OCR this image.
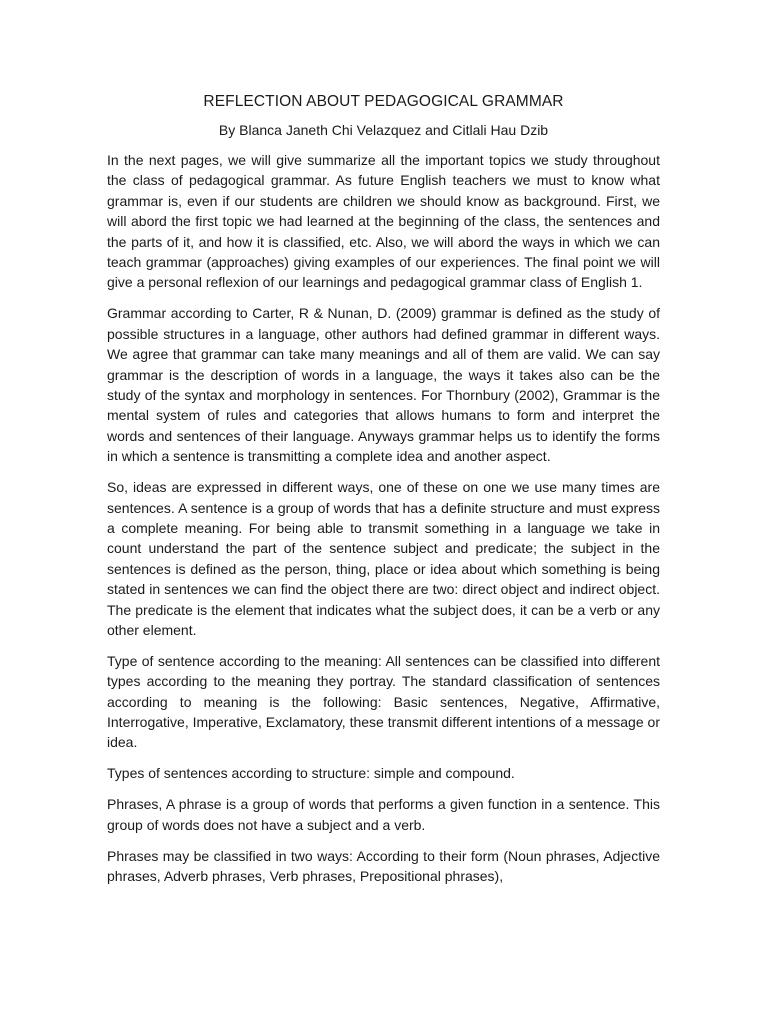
REFLECTION ABOUT PEDAGOGICAL GRAMMAR

By Blanca Janeth Chi Velazquez and Citlali Hau Dzib

In the next pages, we will give summarize all the important topics we study throughout the class of pedagogical grammar. As future English teachers we must to know what grammar is, even if our students are children we should know as background. First, we will abord the first topic we had learned at the beginning of the class, the sentences and the parts of it, and how it is classified, etc. Also, we will abord the ways in which we can teach grammar (approaches) giving examples of our experiences. The final point we will give a personal reflexion of our learnings and pedagogical grammar class of English 1.

Grammar according to Carter, R & Nunan, D. (2009) grammar is defined as the study of possible structures in a language, other authors had defined grammar in different ways. We agree that grammar can take many meanings and all of them are valid. We can say grammar is the description of words in a language, the ways it takes also can be the study of the syntax and morphology in sentences. For Thornbury (2002), Grammar is the mental system of rules and categories that allows humans to form and interpret the words and sentences of their language. Anyways grammar helps us to identify the forms in which a sentence is transmitting a complete idea and another aspect.

So, ideas are expressed in different ways, one of these on one we use many times are sentences. A sentence is a group of words that has a definite structure and must express a complete meaning. For being able to transmit something in a language we take in count understand the part of the sentence subject and predicate; the subject in the sentences is defined as the person, thing, place or idea about which something is being stated in sentences we can find the object there are two: direct object and indirect object. The predicate is the element that indicates what the subject does, it can be a verb or any other element.

Type of sentence according to the meaning: All sentences can be classified into different types according to the meaning they portray. The standard classification of sentences according to meaning is the following: Basic sentences, Negative, Affirmative, Interrogative, Imperative, Exclamatory, these transmit different intentions of a message or idea.

Types of sentences according to structure: simple and compound.

Phrases, A phrase is a group of words that performs a given function in a sentence. This group of words does not have a subject and a verb.

Phrases may be classified in two ways: According to their form (Noun phrases, Adjective phrases, Adverb phrases, Verb phrases, Prepositional phrases),
